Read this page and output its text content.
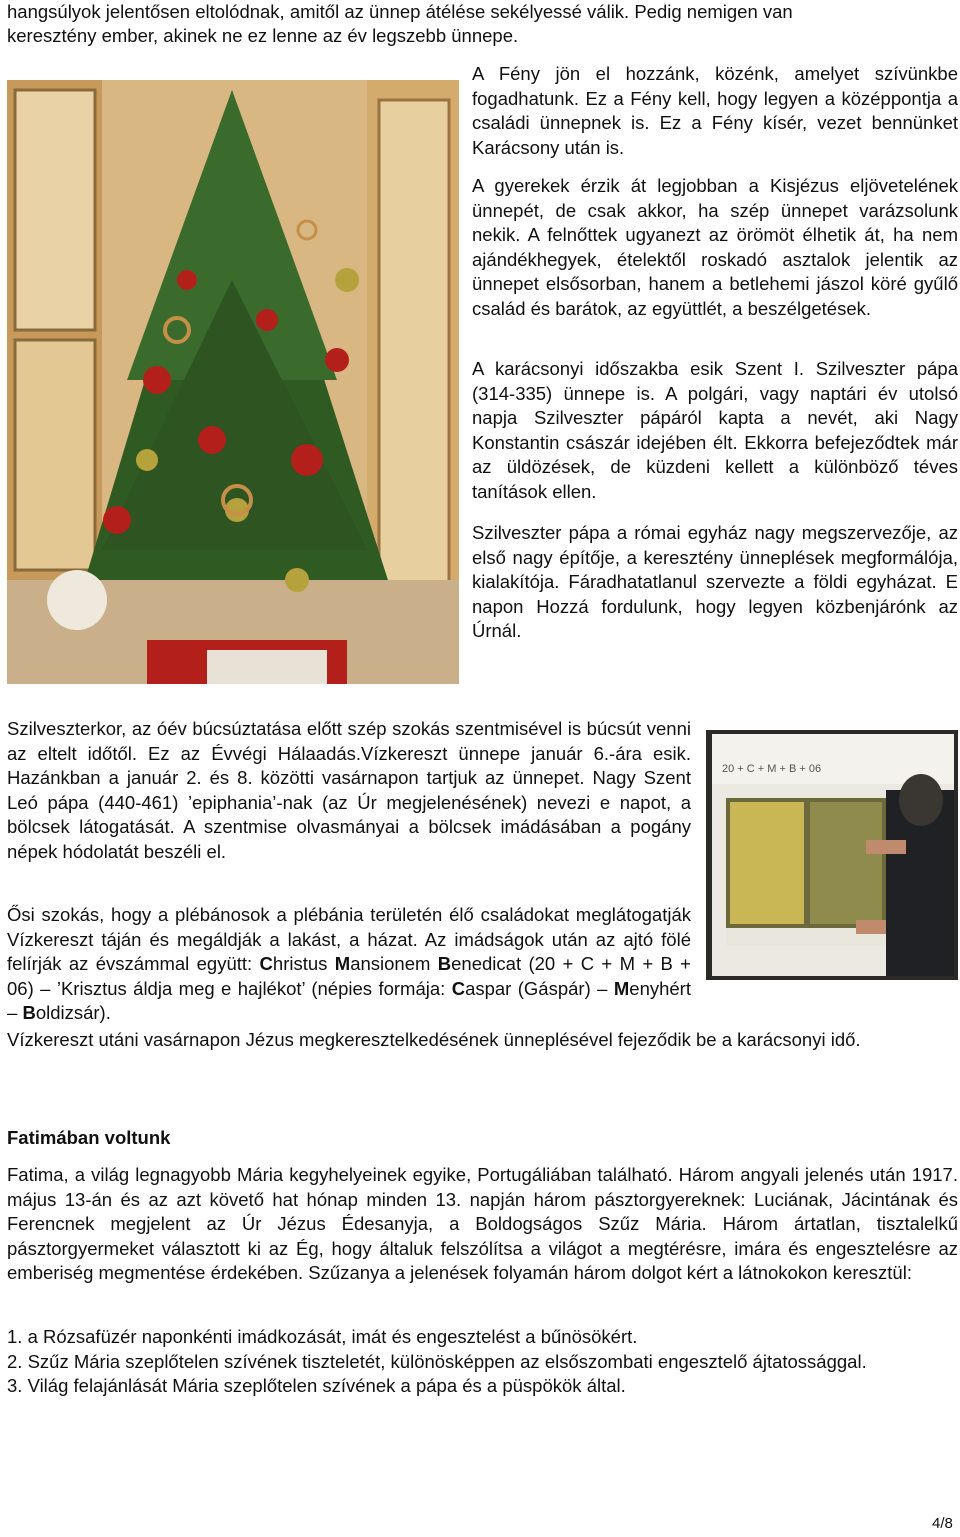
hangsúlyok jelentősen eltolódnak, amitől az ünnep átélése sekélyessé válik. Pedig nemigen van
keresztény ember, akinek ne ez lenne az év legszebb ünnepe.

A Fény jön el hozzánk, közénk, amelyet szívünkbe fogadhatunk. Ez a Fény kell, hogy legyen a középpontja a családi ünnepnek is. Ez a Fény kísér, vezet bennünket Karácsony után is.

A gyerekek érzik át legjobban a Kisjézus eljövetelének ünnepét, de csak akkor, ha szép ünnepet varázsolunk nekik. A felnőttek ugyanezt az örömöt élhetik át, ha nem ajándékhegyek, ételektől roskadó asztalok jelentik az ünnepet elsősorban, hanem a betlehemi jászol köré gyűlő család és barátok, az együttlét, a beszélgetések.

A karácsonyi időszakba esik Szent I. Szilveszter pápa (314-335) ünnepe is. A polgári, vagy naptári év utolsó napja Szilveszter pápáról kapta a nevét, aki Nagy Konstantin császár idejében élt. Ekkorra befejeződtek már az üldözések, de küzdeni kellett a különböző téves tanítások ellen.

Szilveszter pápa a római egyház nagy megszervezője, az első nagy építője, a keresztény ünneplések megformálója, kialakítója. Fáradhatatlanul szervezte a földi egyházat. E napon Hozzá fordulunk, hogy legyen közbenjárónk az Úrnál.

Szilveszterkor, az óév búcsúztatása előtt szép szokás szentmisével is búcsút venni az eltelt időtől. Ez az Évvégi Hálaadás.Vízkereszt ünnepe január 6.-ára esik. Hazánkban a január 2. és 8. közötti vasárnapon tartjuk az ünnepet. Nagy Szent Leó pápa (440-461) ’epiphania’-nak (az Úr megjelenésének) nevezi e napot, a bölcsek látogatását. A szentmise olvasmányai a bölcsek imádásában a pogány népek hódolatát beszéli el.

20 + C + M + B + 06

Ősi szokás, hogy a plébánosok a plébánia területén élő családokat meglátogatják Vízkereszt táján és megáldják a lakást, a házat. Az imádságok után az ajtó fölé felírják az évszámmal együtt: Christus Mansionem Benedicat (20 + C + M + B + 06) – ’Krisztus áldja meg e hajlékot’ (népies formája: Caspar (Gáspár) – Menyhért – Boldizsár).

Vízkereszt utáni vasárnapon Jézus megkeresztelkedésének ünneplésével fejeződik be a karácsonyi idő.

Fatimában voltunk

Fatima, a világ legnagyobb Mária kegyhelyeinek egyike, Portugáliában található. Három angyali jelenés után 1917. május 13-án és az azt követő hat hónap minden 13. napján három pásztorgyereknek: Luciának, Jácintának és Ferencnek megjelent az Úr Jézus Édesanyja, a Boldogságos Szűz Mária. Három ártatlan, tisztalelkű pásztorgyermeket választott ki az Ég, hogy általuk felszólítsa a világot a megtérésre, imára és engesztelésre az emberiség megmentése érdekében. Szűzanya a jelenések folyamán három dolgot kért a látnokokon keresztül:

1. a Rózsafüzér naponkénti imádkozását, imát és engesztelést a bűnösökért.
2. Szűz Mária szeplőtelen szívének tiszteletét, különösképpen az elsőszombati engesztelő ájtatossággal.
3. Világ felajánlását Mária szeplőtelen szívének a pápa és a püspökök által.
4/8
